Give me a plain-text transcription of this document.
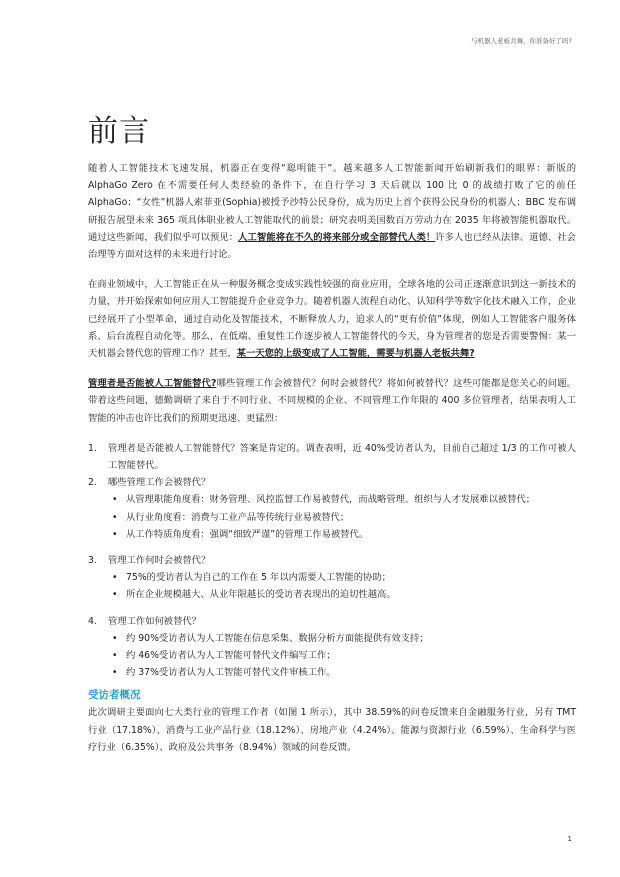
与机器人老板共舞，你准备好了吗?
前言

随着人工智能技术飞速发展，机器正在变得“聪明能干”。越来越多人工智能新闻开始刷新我们的眼界：新版的 AlphaGo Zero 在不需要任何人类经验的条件下，在自行学习 3 天后就以 100 比 0 的战绩打败了它的前任 AlphaGo；“女性”机器人索菲亚(Sophia)被授予沙特公民身份，成为历史上首个获得公民身份的机器人；BBC 发布调研报告展望未来 365 项具体职业被人工智能取代的前景；研究表明美国数百万劳动力在 2035 年将被智能机器取代。通过这些新闻，我们似乎可以预见：人工智能将在不久的将来部分或全部替代人类！许多人也已经从法律、道德、社会治理等方面对这样的未来进行讨论。

在商业领域中，人工智能正在从一种服务概念变成实践性较强的商业应用，全球各地的公司正逐渐意识到这一新技术的力量，并开始探索如何应用人工智能提升企业竞争力。随着机器人流程自动化、认知科学等数字化技术融入工作，企业已经展开了小型革命，通过自动化及智能技术，不断释放人力，追求人的“更有价值”体现，例如人工智能客户服务体系、后台流程自动化等。那么，在低端、重复性工作逐步被人工智能替代的今天，身为管理者的您是否需要警惕：某一天机器会替代您的管理工作？甚至，某一天您的上级变成了人工智能，需要与机器人老板共舞?

管理者是否能被人工智能替代?哪些管理工作会被替代？何时会被替代？将如何被替代？这些可能都是您关心的问题。带着这些问题，德勤调研了来自于不同行业、不同规模的企业、不同管理工作年限的 400 多位管理者，结果表明人工智能的冲击也许比我们的预期更迅速、更猛烈：

1.	管理者是否能被人工智能替代？答案是肯定的。调查表明，近 40%受访者认为，目前自己超过 1/3 的工作可被人工智能替代。
2.	哪些管理工作会被替代？
• 从管理职能角度看：财务管理、风控监督工作易被替代，而战略管理、组织与人才发展难以被替代；
• 从行业角度看：消费与工业产品等传统行业易被替代；
• 从工作特质角度看：强调“细致严谨”的管理工作易被替代。
3.	管理工作何时会被替代？
• 75%的受访者认为自己的工作在 5 年以内需要人工智能的协助；
• 所在企业规模越大、从业年限越长的受访者表现出的迫切性越高。
4.	管理工作如何被替代？
• 约 90%受访者认为人工智能在信息采集、数据分析方面能提供有效支持；
• 约 46%受访者认为人工智能可替代文件编写工作；
• 约 37%受访者认为人工智能可替代文件审核工作。
受访者概况

此次调研主要面向七大类行业的管理工作者（如图 1 所示），其中 38.59%的问卷反馈来自金融服务行业，另有 TMT 行业（17.18%）、消费与工业产品行业（18.12%）、房地产业（4.24%）、能源与资源行业（6.59%）、生命科学与医疗行业（6.35%）、政府及公共事务（8.94%）领域的问卷反馈。

1
